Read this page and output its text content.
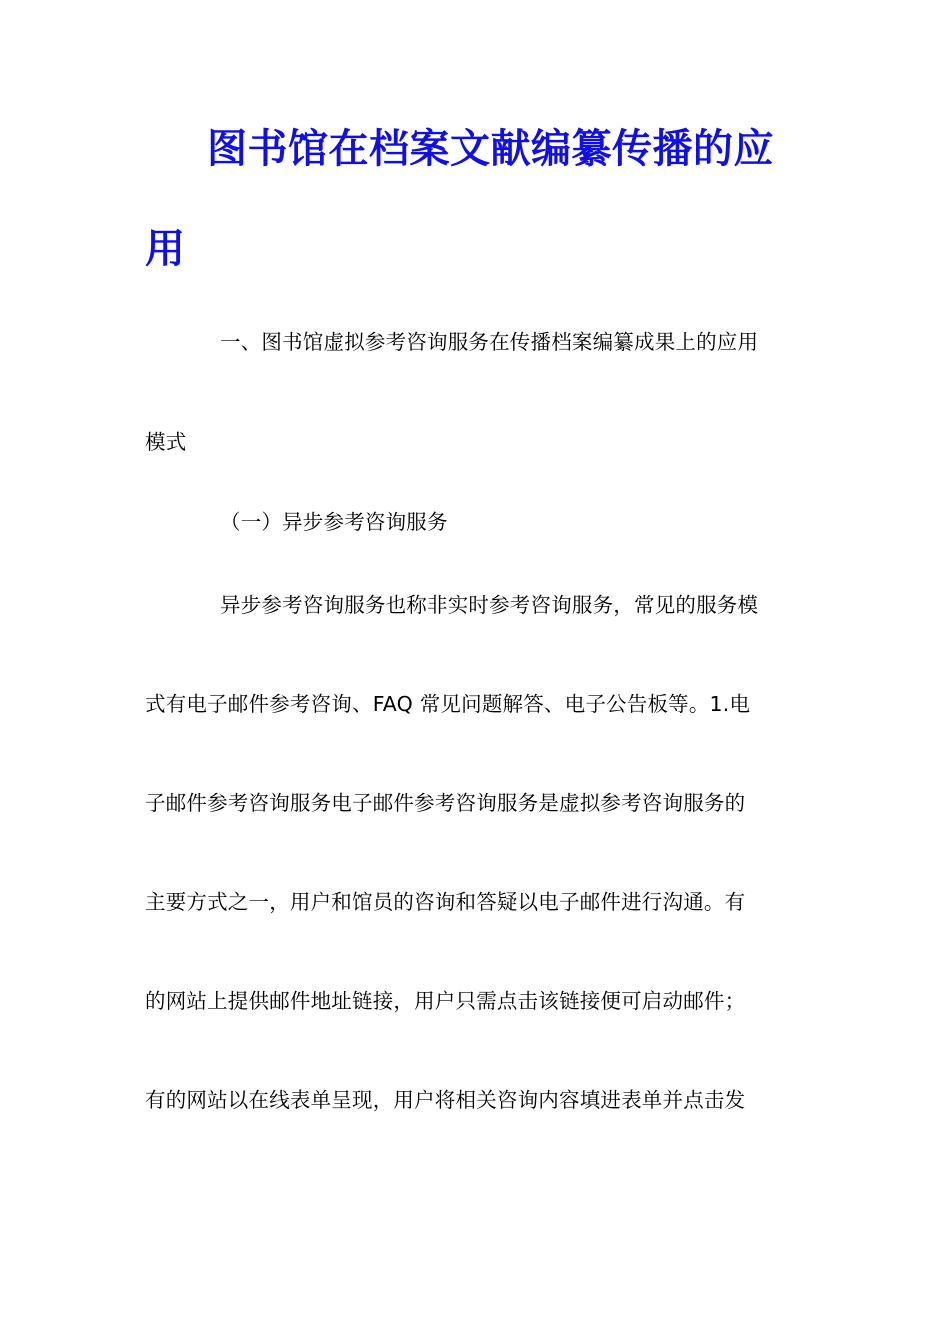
图书馆在档案文献编纂传播的应
用
一、图书馆虚拟参考咨询服务在传播档案编纂成果上的应用
模式
（一）异步参考咨询服务
异步参考咨询服务也称非实时参考咨询服务，常见的服务模
式有电子邮件参考咨询、FAQ 常见问题解答、电子公告板等。1.电
子邮件参考咨询服务电子邮件参考咨询服务是虚拟参考咨询服务的
主要方式之一，用户和馆员的咨询和答疑以电子邮件进行沟通。有
的网站上提供邮件地址链接，用户只需点击该链接便可启动邮件；
有的网站以在线表单呈现，用户将相关咨询内容填进表单并点击发
